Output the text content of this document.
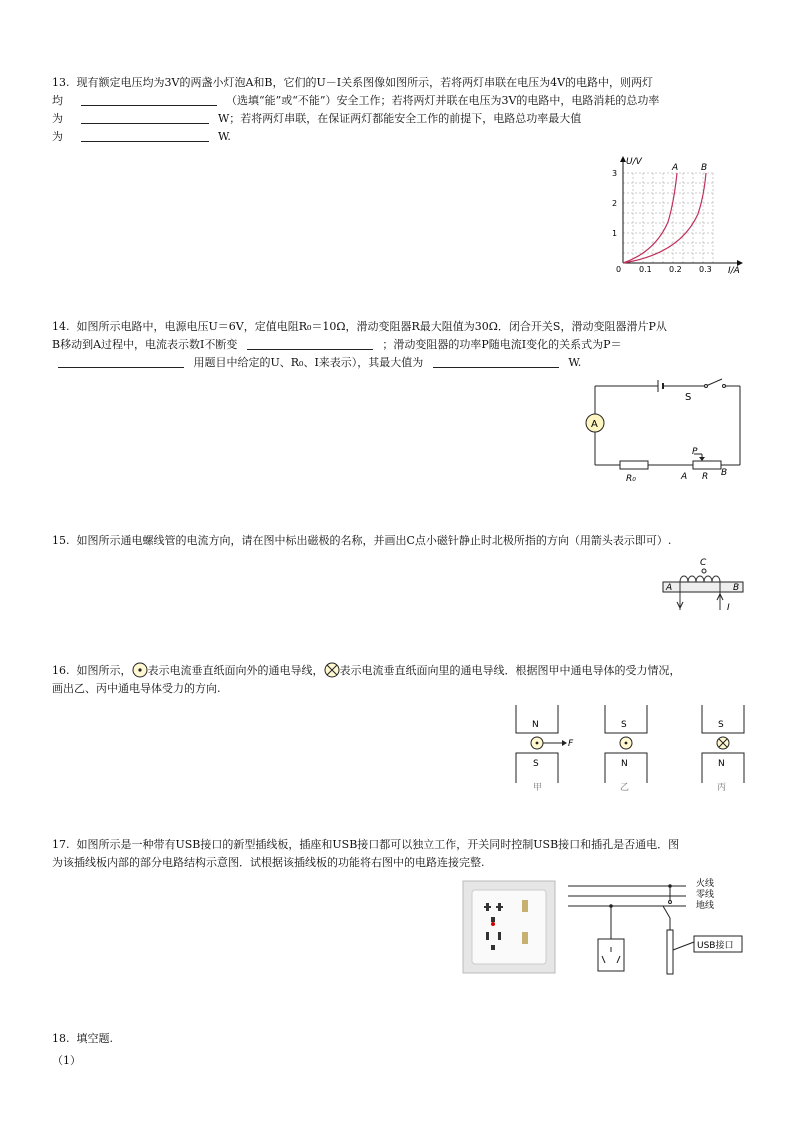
13. 现有额定电压均为3V的两盏小灯泡A和B，它们的U－I关系图像如图所示，若将两灯串联在电压为4V的电路中，则两灯
均	（选填“能”或“不能”）安全工作；若将两灯并联在电压为3V的电路中，电路消耗的总功率
为	W；若将两灯串联，在保证两灯都能安全工作的前提下，电路总功率最大值
为	W.
U/V
I/A
1
2
3
0 0.1 0.2 0.3
A	B
14. 如图所示电路中，电源电压U＝6V，定值电阻R₀＝10Ω，滑动变阻器R最大阻值为30Ω．闭合开关S，滑动变阻器滑片P从
B移动到A过程中，电流表示数I不断变	；滑动变阻器的功率P随电流I变化的关系式为P＝
用题目中给定的U、R₀、I来表示），其最大值为	W.
A
S
R₀
P
A R B
15. 如图所示通电螺线管的电流方向，请在图中标出磁极的名称，并画出C点小磁针静止时北极所指的方向（用箭头表示即可）.
C
A	B
I
16. 如图所示， 表示电流垂直纸面向外的通电导线， 表示电流垂直纸面向里的通电导线．根据图甲中通电导体的受力情况，
画出乙、丙中通电导体受力的方向.
N
S
甲
F
S
N
乙
S
N
丙
17. 如图所示是一种带有USB接口的新型插线板，插座和USB接口都可以独立工作，开关同时控制USB接口和插孔是否通电．图
为该插线板内部的部分电路结构示意图．试根据该插线板的功能将右图中的电路连接完整.
火线
零线
地线
USB接口
18. 填空题.
（1）
